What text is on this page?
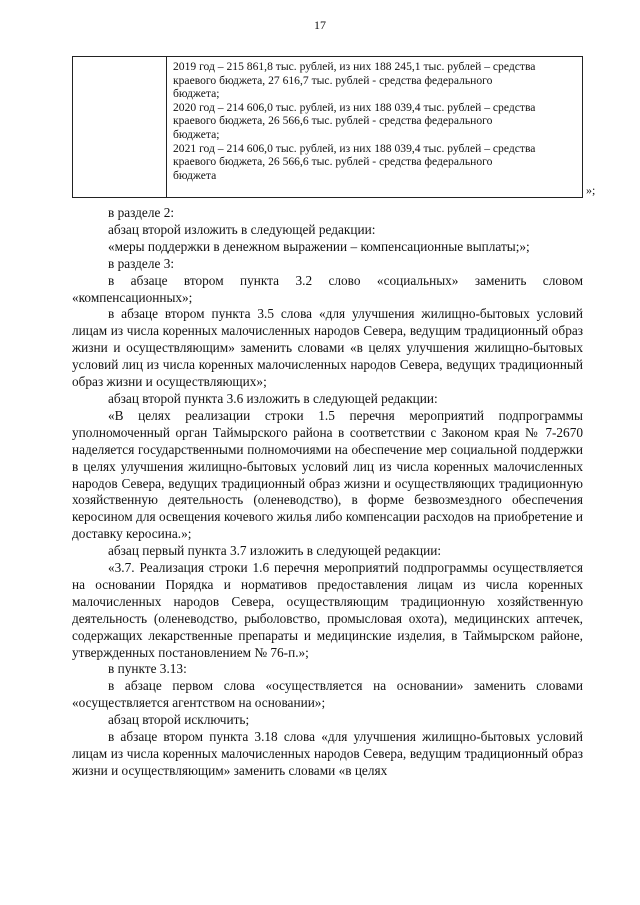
17
2019 год – 215 861,8 тыс. рублей, из них 188 245,1 тыс. рублей – средства
краевого бюджета, 27 616,7 тыс. рублей - средства федерального
бюджета;
2020 год – 214 606,0 тыс. рублей, из них 188 039,4 тыс. рублей – средства
краевого бюджета, 26 566,6 тыс. рублей - средства федерального
бюджета;
2021 год – 214 606,0 тыс. рублей, из них 188 039,4 тыс. рублей – средства
краевого бюджета, 26 566,6 тыс. рублей - средства федерального
бюджета
»;

в разделе 2:

абзац второй изложить в следующей редакции:

«меры поддержки в денежном выражении – компенсационные выплаты;»;

в разделе 3:

в абзаце втором пункта 3.2 слово «социальных» заменить словом «компенсационных»;

в абзаце втором пункта 3.5 слова «для улучшения жилищно-бытовых условий лицам из числа коренных малочисленных народов Севера, ведущим традиционный образ жизни и осуществляющим» заменить словами «в целях улучшения жилищно-бытовых условий лиц из числа коренных малочисленных народов Севера, ведущих традиционный образ жизни и осуществляющих»;

абзац второй пункта 3.6 изложить в следующей редакции:

«В целях реализации строки 1.5 перечня мероприятий подпрограммы уполномоченный орган Таймырского района в соответствии с Законом края № 7-2670 наделяется государственными полномочиями на обеспечение мер социальной поддержки в целях улучшения жилищно-бытовых условий лиц из числа коренных малочисленных народов Севера, ведущих традиционный образ жизни и осуществляющих традиционную хозяйственную деятельность (оленеводство), в форме безвозмездного обеспечения керосином для освещения кочевого жилья либо компенсации расходов на приобретение и доставку керосина.»;

абзац первый пункта 3.7 изложить в следующей редакции:

«3.7. Реализация строки 1.6 перечня мероприятий подпрограммы осуществляется на основании Порядка и нормативов предоставления лицам из числа коренных малочисленных народов Севера, осуществляющим традиционную хозяйственную деятельность (оленеводство, рыболовство, промысловая охота), медицинских аптечек, содержащих лекарственные препараты и медицинские изделия, в Таймырском районе, утвержденных постановлением № 76-п.»;

в пункте 3.13:

в абзаце первом слова «осуществляется на основании» заменить словами «осуществляется агентством на основании»;

абзац второй исключить;

в абзаце втором пункта 3.18 слова «для улучшения жилищно-бытовых условий лицам из числа коренных малочисленных народов Севера, ведущим традиционный образ жизни и осуществляющим» заменить словами «в целях
